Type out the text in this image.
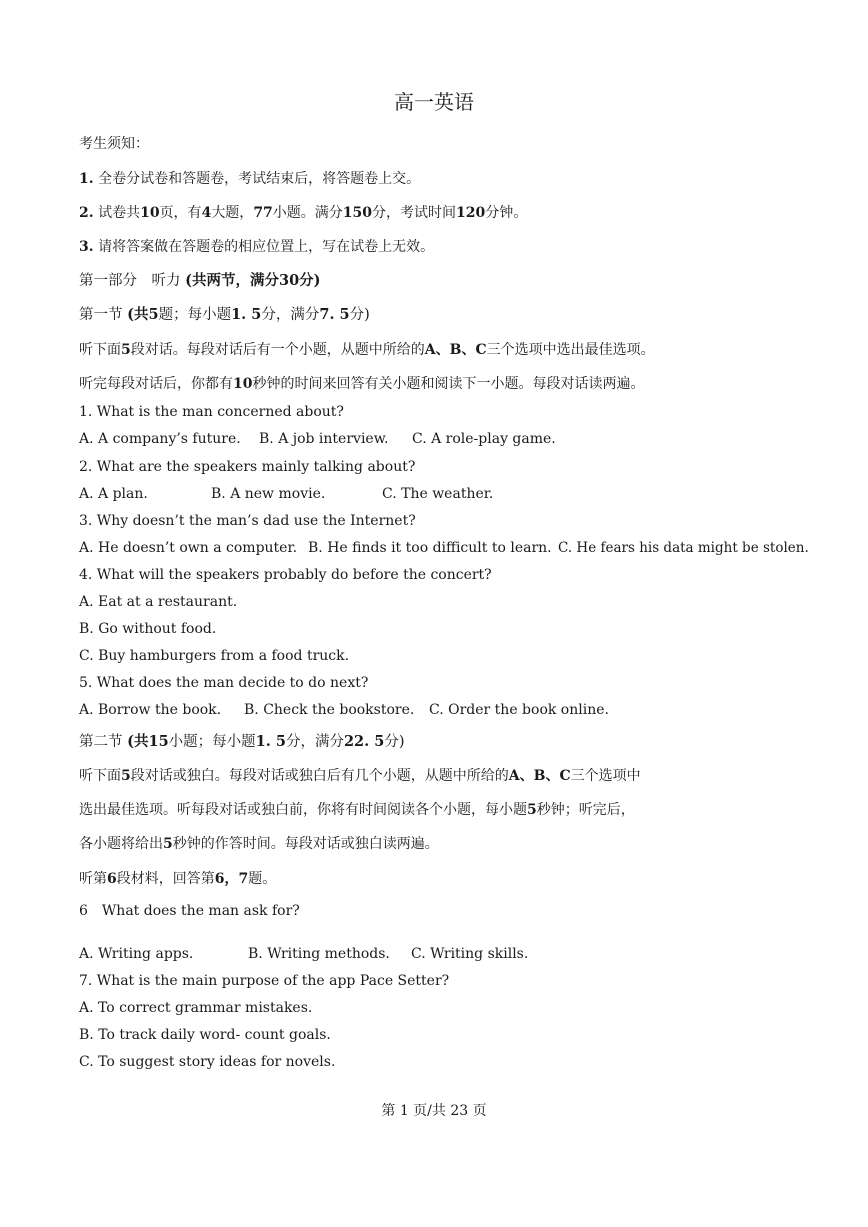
高一英语
考生须知：
1. 全卷分试卷和答题卷，考试结束后，将答题卷上交。
2. 试卷共10页，有4大题，77小题。满分150分，考试时间120分钟。
3. 请将答案做在答题卷的相应位置上，写在试卷上无效。
第一部分　听力 (共两节，满分30分)
第一节 (共5题；每小题1. 5分，满分7. 5分)
听下面5段对话。每段对话后有一个小题，从题中所给的A、B、C三个选项中选出最佳选项。
听完每段对话后，你都有10秒钟的时间来回答有关小题和阅读下一小题。每段对话读两遍。
1. What is the man concerned about?
A. A company’s future. B. A job interview. C. A role-play game.
2. What are the speakers mainly talking about?
A. A plan.	B. A new movie.	C. The weather.
3. Why doesn’t the man’s dad use the Internet?
A. He doesn’t own a computer. B. He finds it too difficult to learn. C. He fears his data might be stolen.
4. What will the speakers probably do before the concert?
A. Eat at a restaurant.
B. Go without food.
C. Buy hamburgers from a food truck.
5. What does the man decide to do next?
A. Borrow the book. B. Check the bookstore. C. Order the book online.
第二节 (共15小题；每小题1. 5分，满分22. 5分)
听下面5段对话或独白。每段对话或独白后有几个小题，从题中所给的A、B、C三个选项中
选出最佳选项。听每段对话或独白前，你将有时间阅读各个小题，每小题5秒钟；听完后，
各小题将给出5秒钟的作答时间。每段对话或独白读两遍。
听第6段材料，回答第6，7题。
6　What does the man ask for?
A. Writing apps.	B. Writing methods. C. Writing skills.
7. What is the main purpose of the app Pace Setter?
A. To correct grammar mistakes.
B. To track daily word- count goals.
C. To suggest story ideas for novels.
第 1 页/共 23 页
